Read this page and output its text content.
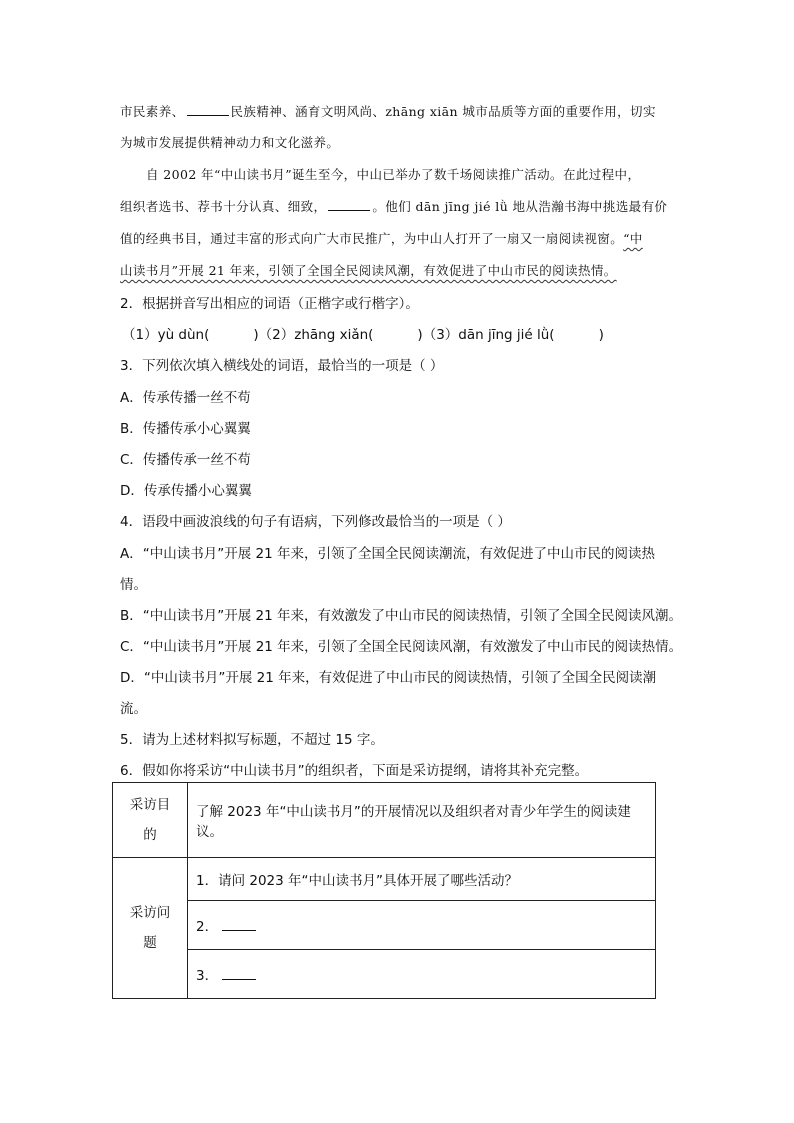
市民素养、	民族精神、涵育文明风尚、zhāng xiān 城市品质等方面的重要作用，切实
为城市发展提供精神动力和文化滋养。
自 2002 年“中山读书月”诞生至今，中山已举办了数千场阅读推广活动。在此过程中，
组织者选书、荐书十分认真、细致，	。他们 dān jīng jié lǜ 地从浩瀚书海中挑选最有价
值的经典书目，通过丰富的形式向广大市民推广，为中山人打开了一扇又一扇阅读视窗。“中
山读书月”开展 21 年来，引领了全国全民阅读风潮，有效促进了中山市民的阅读热情。
2．根据拼音写出相应的词语（正楷字或行楷字）。
（1）yù dùn(	)（2）zhāng xiǎn(	)（3）dān jīng jié lǜ(	)
3．下列依次填入横线处的词语，最恰当的一项是（ ）
A．传承传播一丝不苟
B．传播传承小心翼翼
C．传播传承一丝不苟
D．传承传播小心翼翼
4．语段中画波浪线的句子有语病，下列修改最恰当的一项是（ ）
A．“中山读书月”开展 21 年来，引领了全国全民阅读潮流，有效促进了中山市民的阅读热
情。
B．“中山读书月”开展 21 年来，有效激发了中山市民的阅读热情，引领了全国全民阅读风潮。
C．“中山读书月”开展 21 年来，引领了全国全民阅读风潮，有效激发了中山市民的阅读热情。
D．“中山读书月”开展 21 年来，有效促进了中山市民的阅读热情，引领了全国全民阅读潮
流。
5．请为上述材料拟写标题，不超过 15 字。
6．假如你将采访“中山读书月”的组织者，下面是采访提纲，请将其补充完整。
采访目
的	了解 2023 年“中山读书月”的开展情况以及组织者对青少年学生的阅读建议。

采访问
题	1．请问 2023 年“中山读书月”具体开展了哪些活动？
	2．
	3．
